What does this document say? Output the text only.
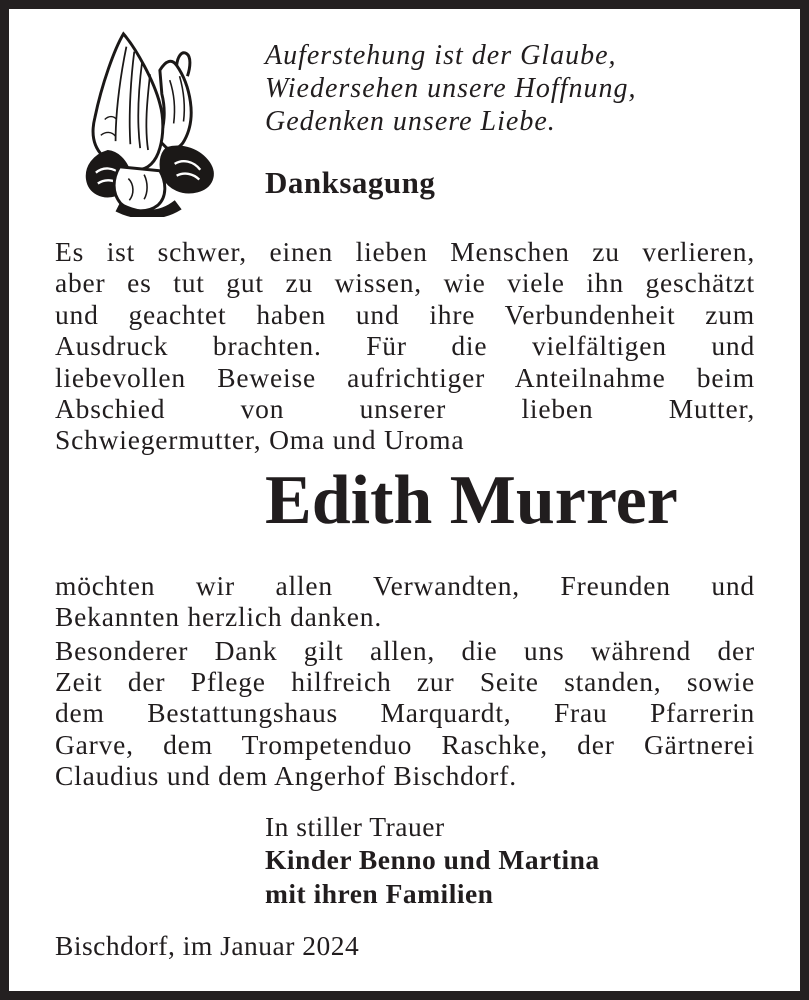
Auferstehung ist der Glaube,
Wiedersehen unsere Hoffnung,
Gedenken unsere Liebe.
Danksagung
Es ist schwer, einen lieben Menschen zu verlieren,
aber es tut gut zu wissen, wie viele ihn geschätzt
und geachtet haben und ihre Verbundenheit zum
Ausdruck brachten. Für die vielfältigen und
liebevollen Beweise aufrichtiger Anteilnahme beim
Abschied von unserer lieben Mutter,
Schwiegermutter, Oma und Uroma
Edith Murrer
möchten wir allen Verwandten, Freunden und
Bekannten herzlich danken.
Besonderer Dank gilt allen, die uns während der
Zeit der Pflege hilfreich zur Seite standen, sowie
dem Bestattungshaus Marquardt, Frau Pfarrerin
Garve, dem Trompetenduo Raschke, der Gärtnerei
Claudius und dem Angerhof Bischdorf.
In stiller Trauer
Kinder Benno und Martina
mit ihren Familien
Bischdorf, im Januar 2024
